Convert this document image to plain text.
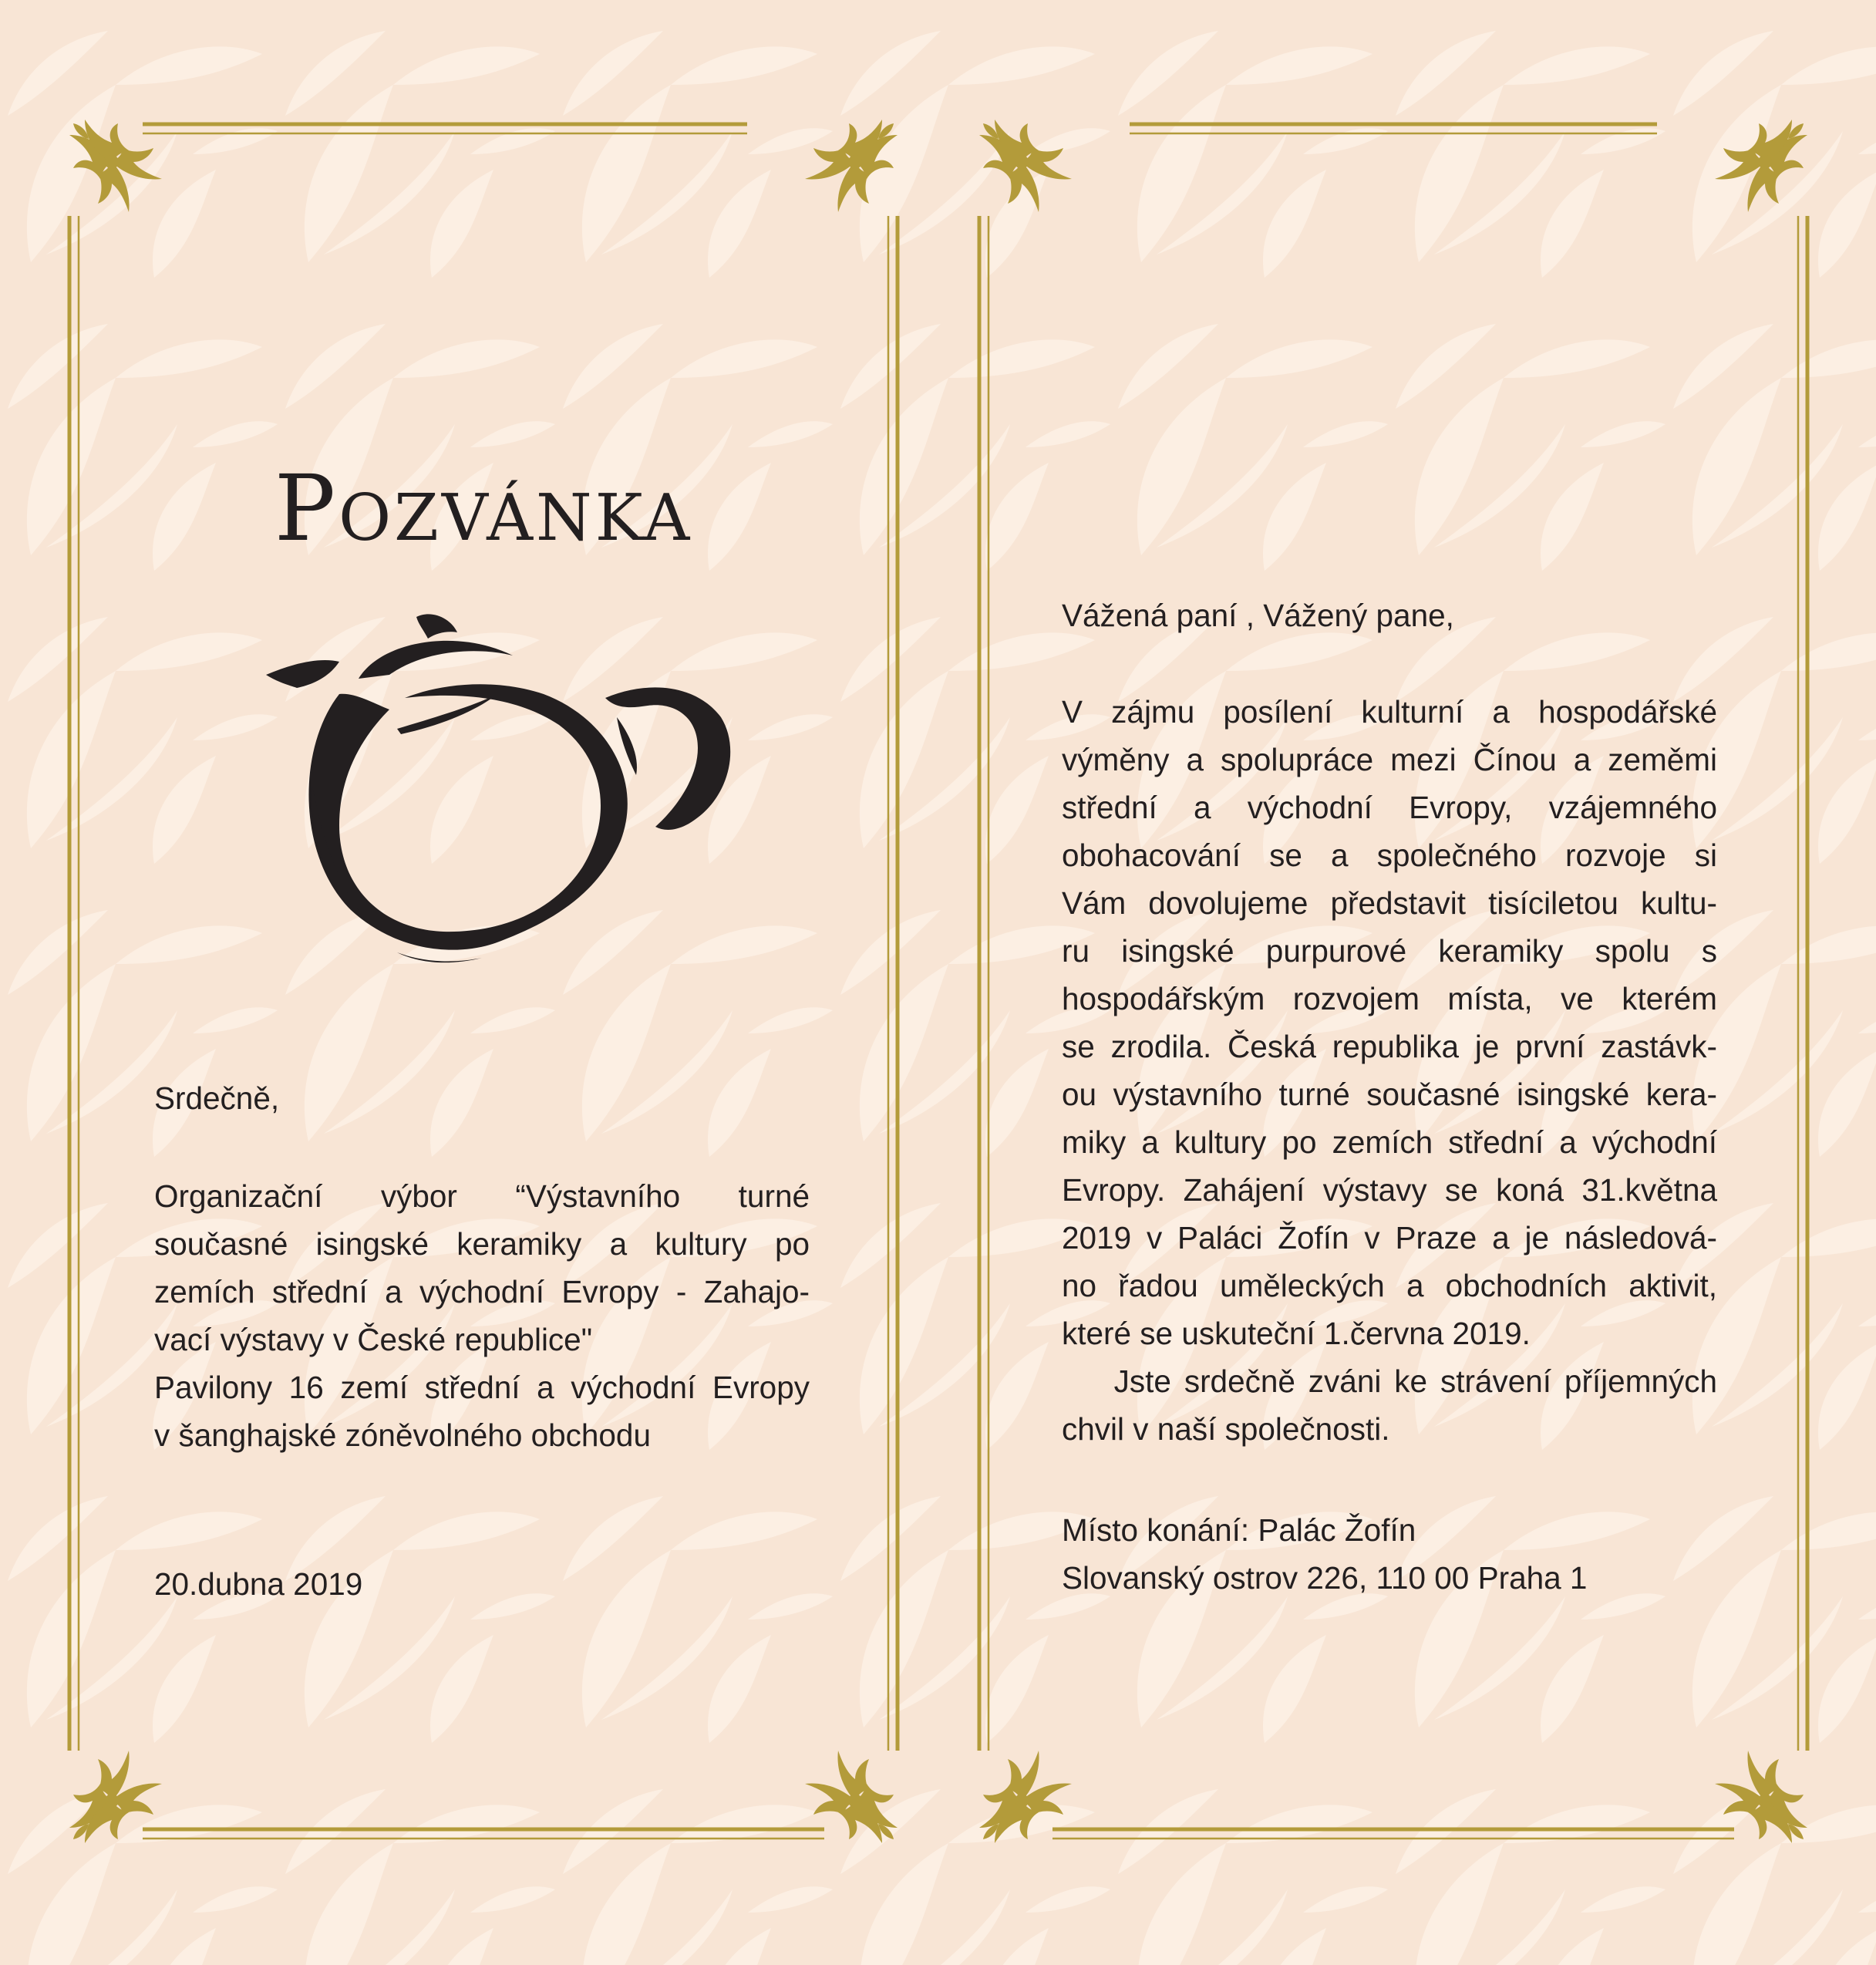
Pozvánka

Srdečně,

Organizační výbor “Výstavního turné

současné isingské keramiky a kultury po

zemích střední a východní Evropy - Zahajo-

vací výstavy v České republice"

Pavilony 16 zemí střední a východní Evropy

v šanghajské zóněvolného obchodu

20.dubna 2019

Vážená paní , Vážený pane,

V zájmu posílení kulturní a hospodářské

výměny a spolupráce mezi Čínou a zeměmi

střední a východní Evropy, vzájemného

obohacování se a společného rozvoje si

Vám dovolujeme představit tisíciletou kultu-

ru isingské purpurové keramiky spolu s

hospodářským rozvojem místa, ve kterém

se zrodila. Česká republika je první zastávk-

ou výstavního turné současné isingské kera-

miky a kultury po zemích střední a východní

Evropy. Zahájení výstavy se koná 31.května

2019 v Paláci Žofín v Praze a je následová-

no řadou uměleckých a obchodních aktivit,

které se uskuteční 1.června 2019.

Jste srdečně zváni ke strávení příjemných

chvil v naší společnosti.

Místo konání: Palác Žofín

Slovanský ostrov 226, 110 00 Praha 1
